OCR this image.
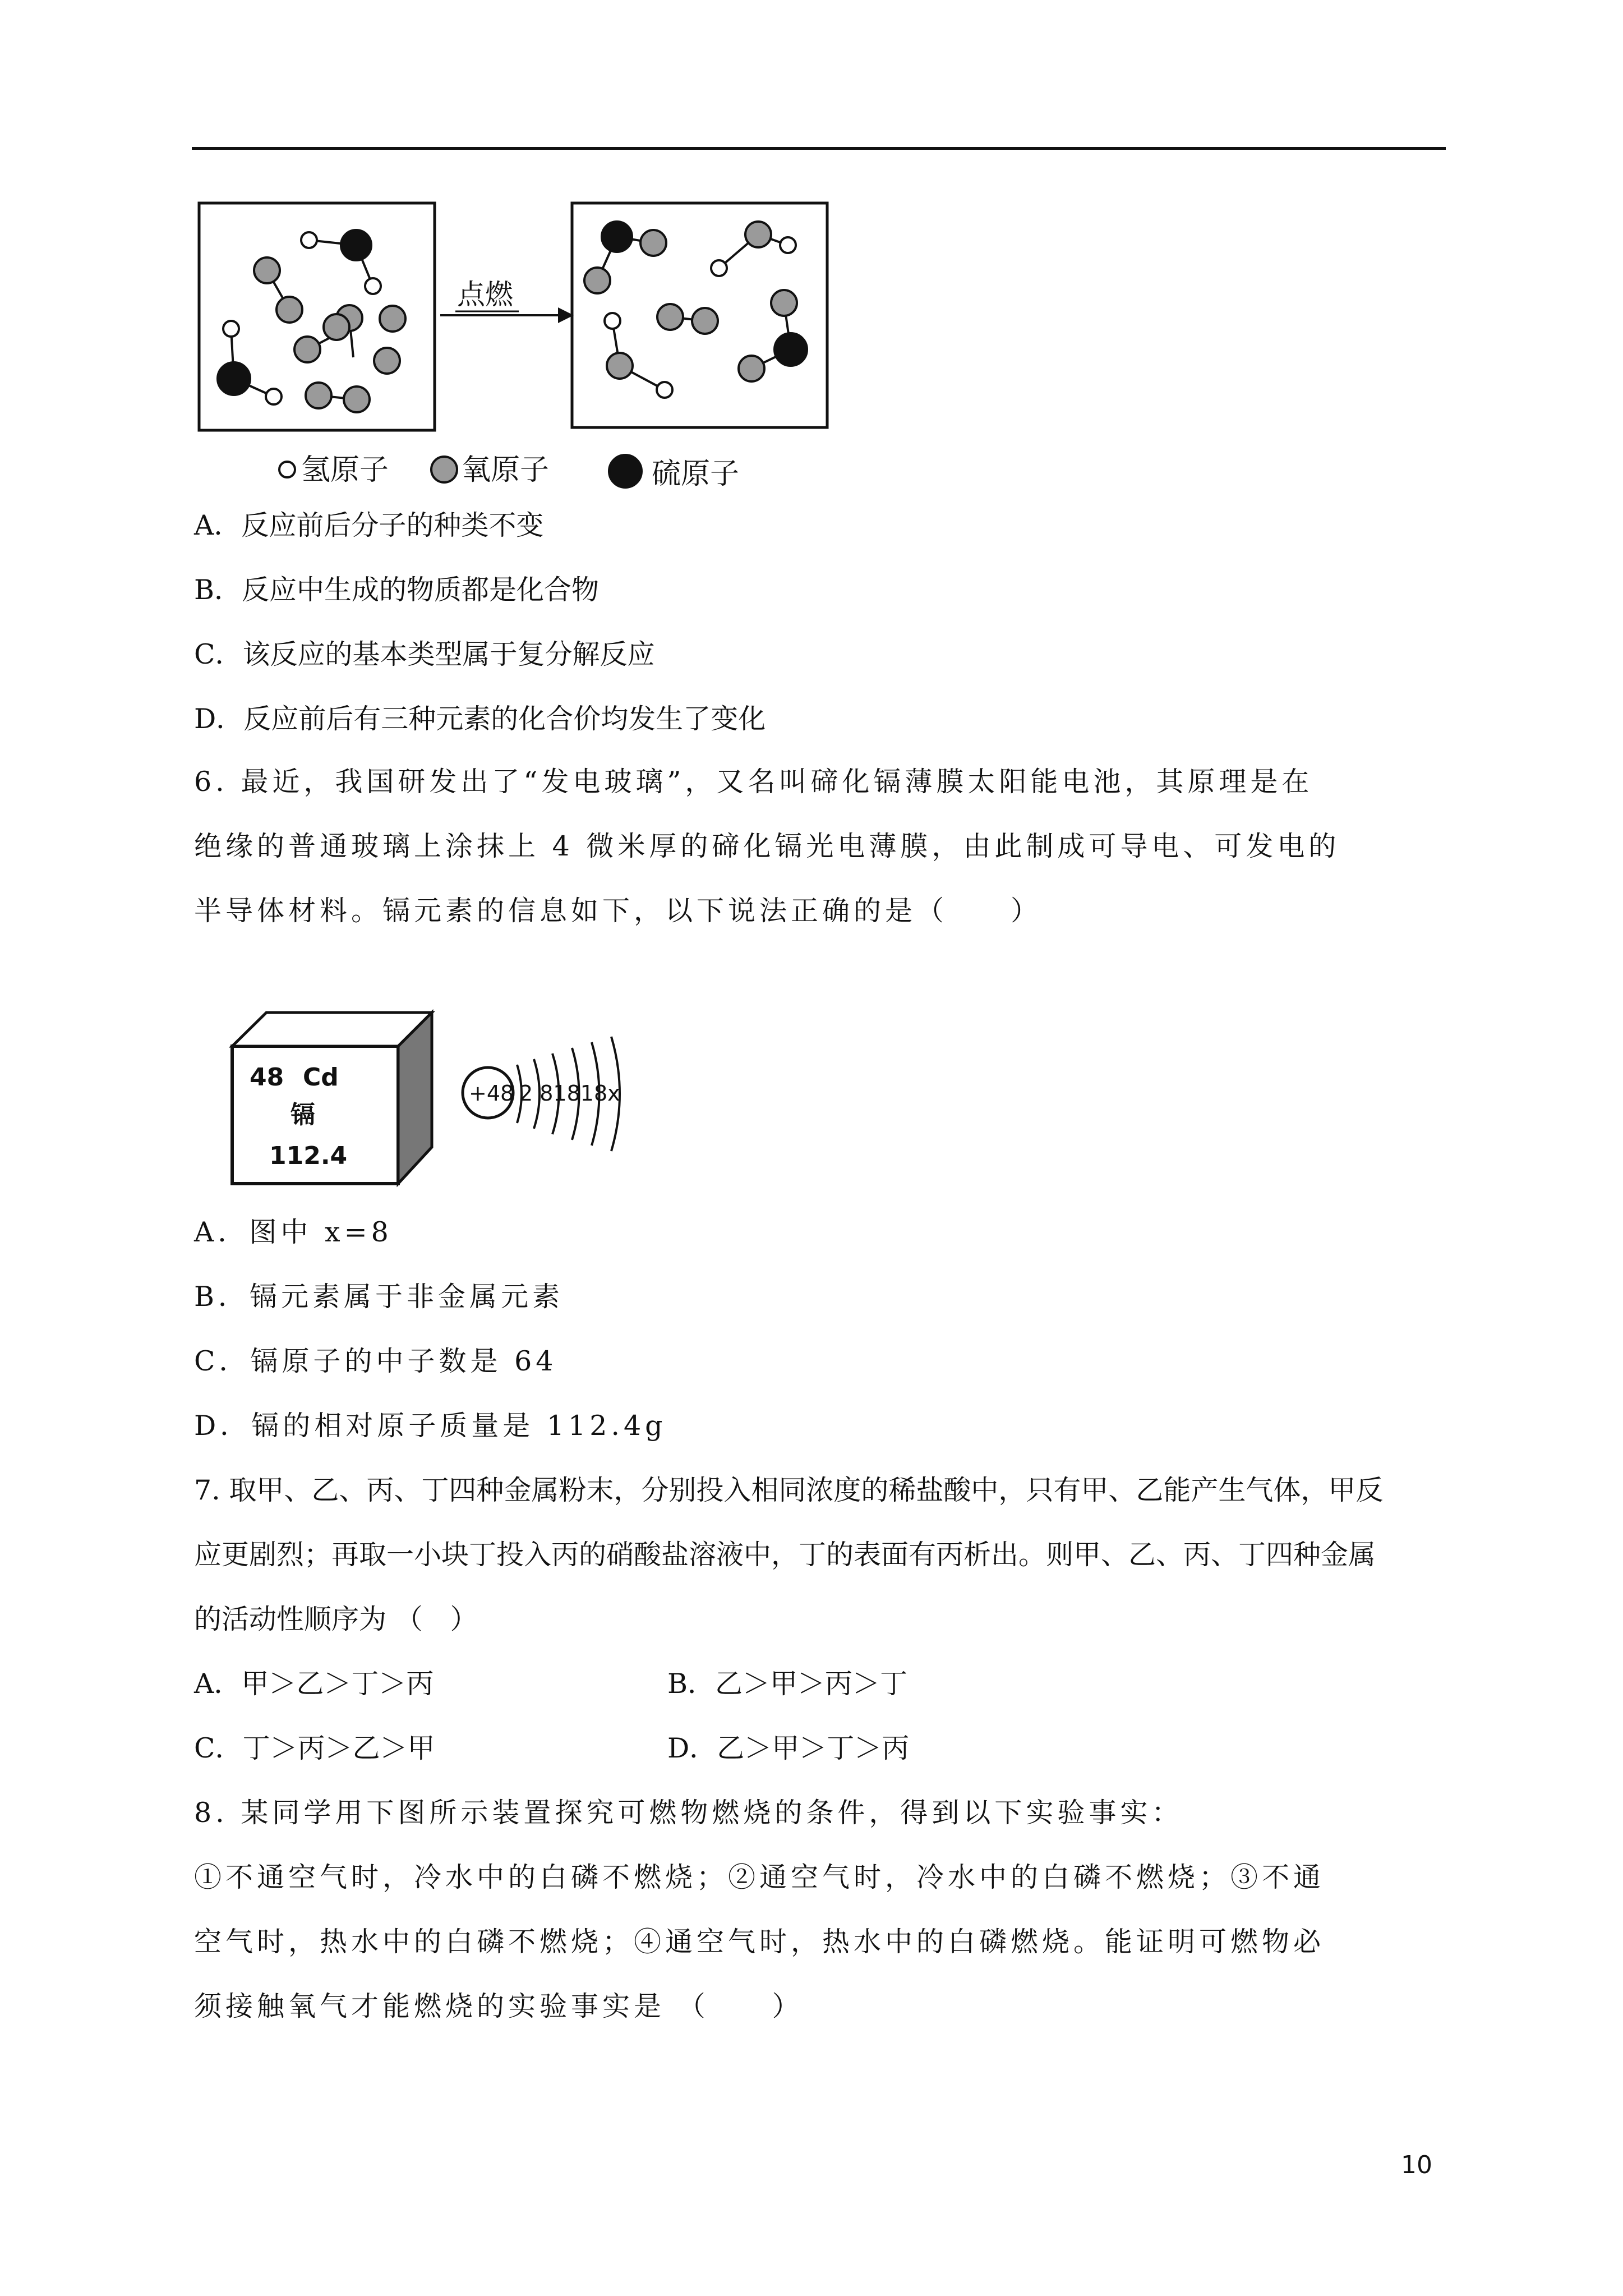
点燃
氢原子 氧原子	硫原子
A．反应前后分子的种类不变
B．反应中生成的物质都是化合物
C．该反应的基本类型属于复分解反应
D．反应前后有三种元素的化合价均发生了变化
6. 最近，我国研发出了“发电玻璃”，又名叫碲化镉薄膜太阳能电池，其原理是在
绝缘的普通玻璃上涂抹上 4 微米厚的碲化镉光电薄膜，由此制成可导电、可发电的
半导体材料。镉元素的信息如下，以下说法正确的是（　　）
48 Cd
镉
112.4
+48 2 81818x
A．图中 x=8
B．镉元素属于非金属元素
C．镉原子的中子数是 64
D．镉的相对原子质量是 112.4g
7. 取甲、乙、丙、丁四种金属粉末，分别投入相同浓度的稀盐酸中，只有甲、乙能产生气体，甲反
应更剧烈；再取一小块丁投入丙的硝酸盐溶液中，丁的表面有丙析出。则甲、乙、丙、丁四种金属
的活动性顺序为 （　）
A．甲＞乙＞丁＞丙	B．乙＞甲＞丙＞丁
C．丁＞丙＞乙＞甲	D．乙＞甲＞丁＞丙
8. 某同学用下图所示装置探究可燃物燃烧的条件，得到以下实验事实：
①不通空气时，冷水中的白磷不燃烧；②通空气时，冷水中的白磷不燃烧；③不通
空气时，热水中的白磷不燃烧；④通空气时，热水中的白磷燃烧。能证明可燃物必
须接触氧气才能燃烧的实验事实是 （　　）
10
